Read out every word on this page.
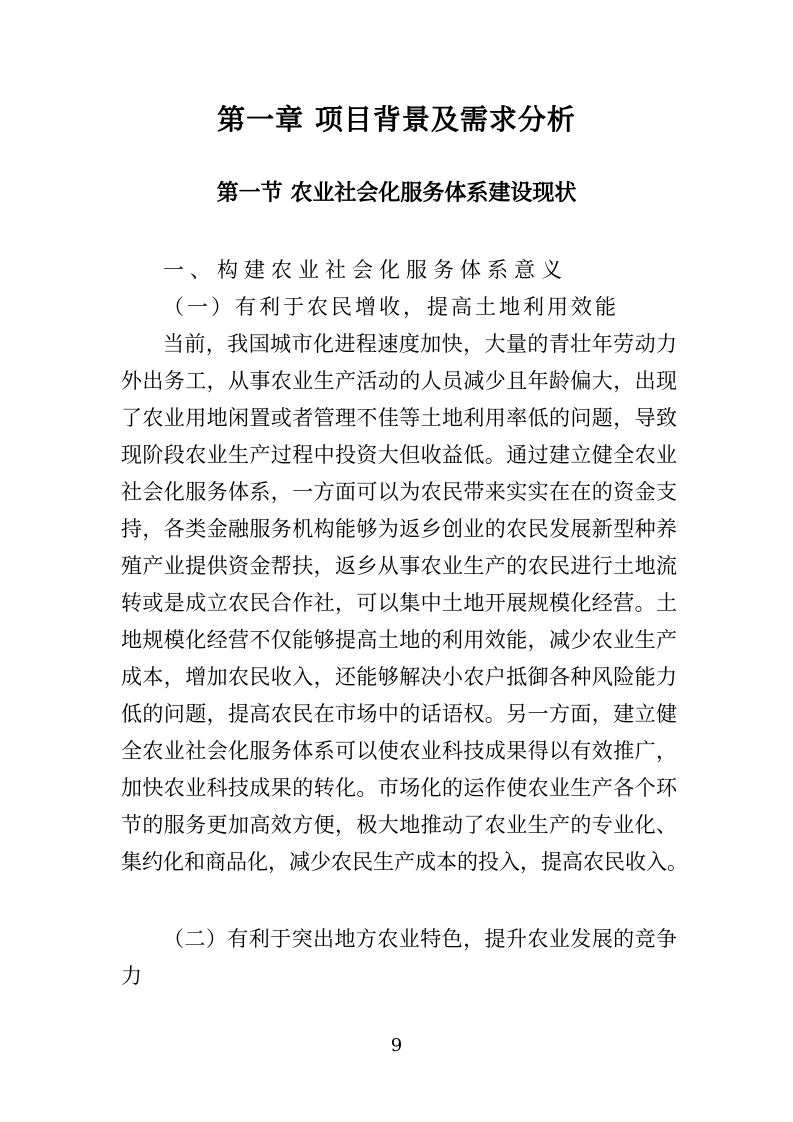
第一章 项目背景及需求分析
第一节 农业社会化服务体系建设现状
一、构建农业社会化服务体系意义
（一）有利于农民增收，提高土地利用效能
当前，我国城市化进程速度加快，大量的青壮年劳动力
外出务工，从事农业生产活动的人员减少且年龄偏大，出现
了农业用地闲置或者管理不佳等土地利用率低的问题，导致
现阶段农业生产过程中投资大但收益低。通过建立健全农业
社会化服务体系，一方面可以为农民带来实实在在的资金支
持，各类金融服务机构能够为返乡创业的农民发展新型种养
殖产业提供资金帮扶，返乡从事农业生产的农民进行土地流
转或是成立农民合作社，可以集中土地开展规模化经营。土
地规模化经营不仅能够提高土地的利用效能，减少农业生产
成本，增加农民收入，还能够解决小农户抵御各种风险能力
低的问题，提高农民在市场中的话语权。另一方面，建立健
全农业社会化服务体系可以使农业科技成果得以有效推广，
加快农业科技成果的转化。市场化的运作使农业生产各个环
节的服务更加高效方便，极大地推动了农业生产的专业化、
集约化和商品化，减少农民生产成本的投入，提高农民收入。
（二）有利于突出地方农业特色，提升农业发展的竞争
力
9
